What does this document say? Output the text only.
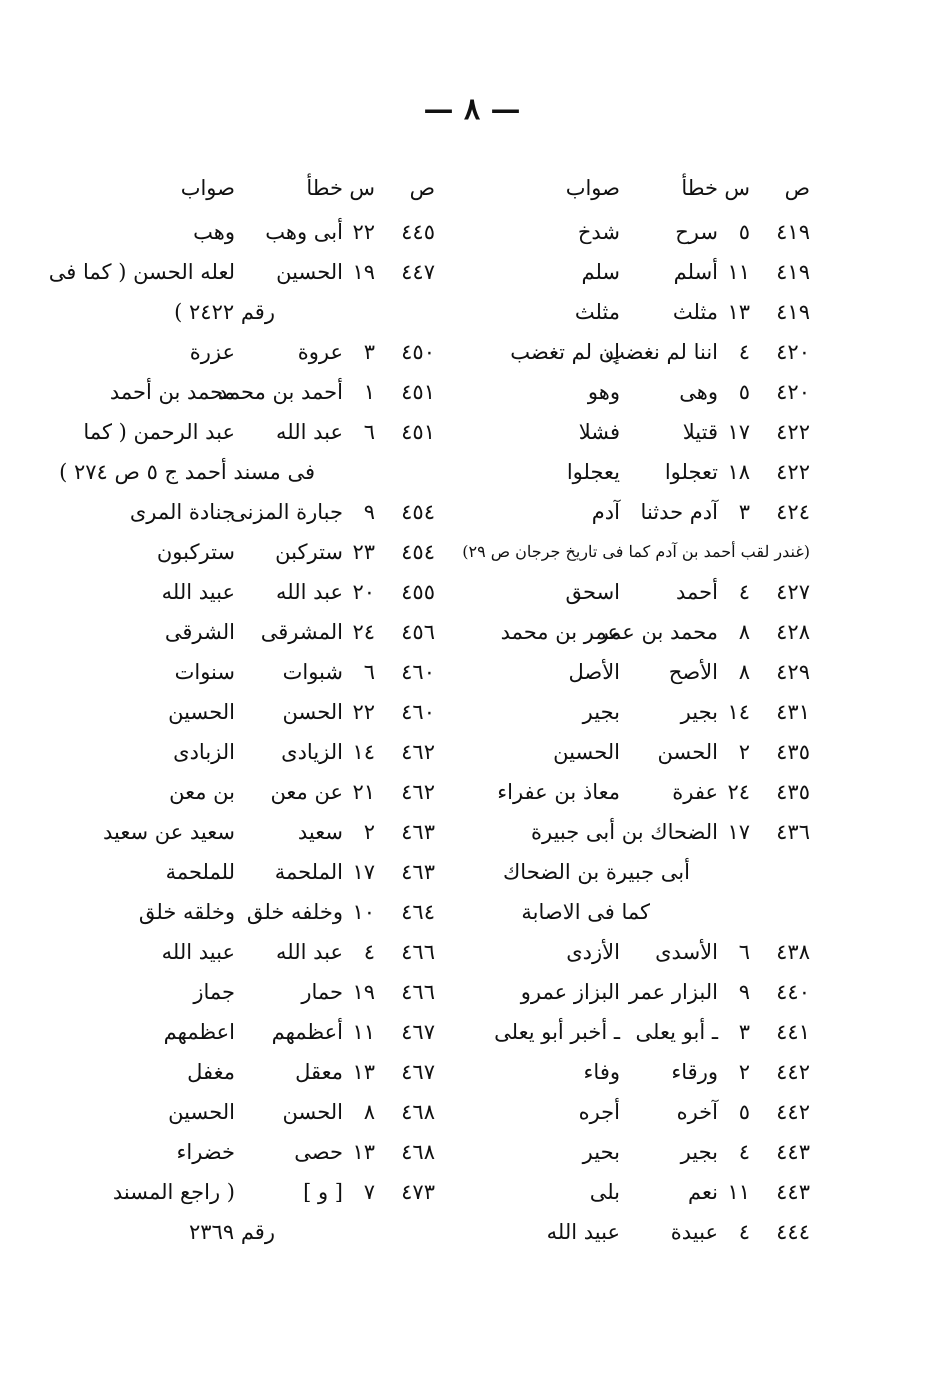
— ٨ —
ص
س
خطأ
صواب
٤١٩
٥
سرح
شدخ
٤١٩
١١
أسلم
سلم
٤١٩
١٣
مثلث
مثلث
٤٢٠
٤
اننا لم نغضب
إن لم تغضب
٤٢٠
٥
وهى
وهو
٤٢٢
١٧
قتيلا
فشلا
٤٢٢
١٨
تعجلوا
يعجلوا
٤٢٤
٣
آدم حدثنا
آدم
(غندر لقب أحمد بن آدم كما فى تاريخ جرجان ص ٢٩)
٤٢٧
٤
أحمد
اسحق
٤٢٨
٨
محمد بن عمر
عمر بن محمد
٤٢٩
٨
الأصح
الأصل
٤٣١
١٤
بجير
بجير
٤٣٥
٢
الحسن
الحسين
٤٣٥
٢٤
عفرة
معاذ بن عفراء
٤٣٦
١٧
الضحاك بن أبى جبيرة
أبى جبيرة بن الضحاك
كما فى الاصابة
٤٣٨
٦
الأسدى
الأزدى
٤٤٠
٩
البزار عمر
البزاز عمرو
٤٤١
٣
ـ أبو يعلى
ـ أخبر أبو يعلى
٤٤٢
٢
ورقاء
وفاء
٤٤٢
٥
آخره
أجره
٤٤٣
٤
بجير
بحير
٤٤٣
١١
نعم
بلى
٤٤٤
٤
عبيدة
عبيد الله
ص
س
خطأ
صواب
٤٤٥
٢٢
أبى وهب
وهب
٤٤٧
١٩
الحسين
لعله الحسن ( كما فى
رقم ٢٤٢٢ )
٤٥٠
٣
عروة
عزرة
٤٥١
١
أحمد بن محمد
محمد بن أحمد
٤٥١
٦
عبد الله
عبد الرحمن ( كما
فى مسند أحمد ج ٥ ص ٢٧٤ )
٤٥٤
٩
جبارة المزنى
جنادة المرى
٤٥٤
٢٣
ستركبن
ستركبون
٤٥٥
٢٠
عبد الله
عبيد الله
٤٥٦
٢٤
المشرقى
الشرقى
٤٦٠
٦
شبوات
سنوات
٤٦٠
٢٢
الحسن
الحسين
٤٦٢
١٤
الزيادى
الزبادى
٤٦٢
٢١
عن معن
بن معن
٤٦٣
٢
سعيد
سعيد عن سعيد
٤٦٣
١٧
الملحمة
للملحمة
٤٦٤
١٠
وخلفه خلق
وخلقه خلق
٤٦٦
٤
عبد الله
عبيد الله
٤٦٦
١٩
حمار
جماز
٤٦٧
١١
أعظمهم
اعظمهم
٤٦٧
١٣
معقل
مغفل
٤٦٨
٨
الحسن
الحسين
٤٦٨
١٣
حصى
خضراء
٤٧٣
٧
[ و ]
( راجع المسند
رقم ٢٣٦٩
